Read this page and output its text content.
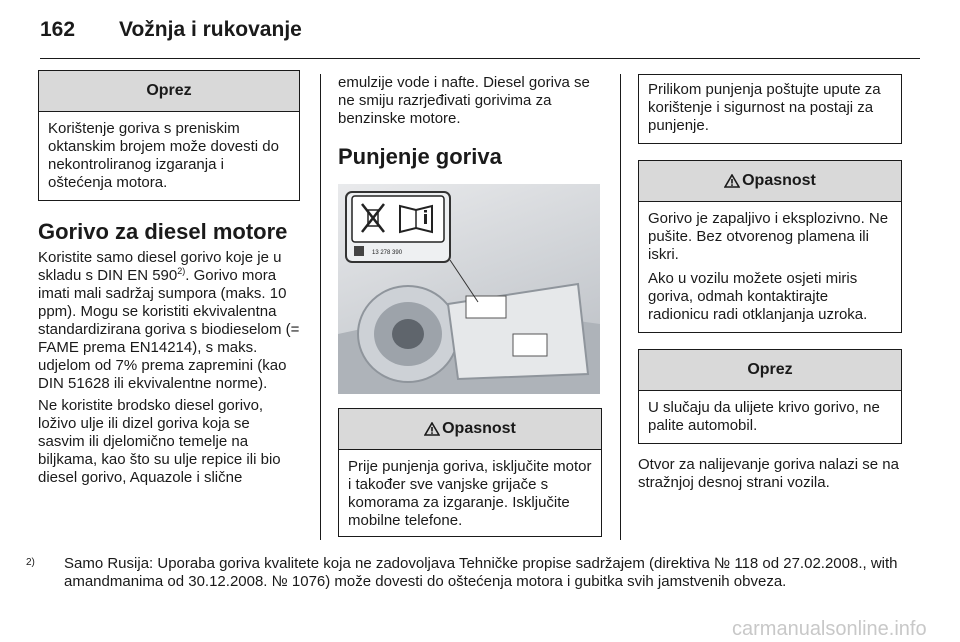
162 Vožnja i rukovanje
Oprez

Korištenje goriva s preniskim oktanskim brojem može dovesti do nekontroliranog izgaranja i oštećenja motora.

Gorivo za diesel motore

Koristite samo diesel gorivo koje je u skladu s DIN EN 590$^{2)}$. Gorivo mora imati mali sadržaj sumpora (maks. 10 ppm). Mogu se koristiti ekvivalentna standardizirana goriva s biodieselom (= FAME prema EN14214), s maks. udjelom od 7% prema zapremini (kao DIN 51628 ili ekvivalentne norme).

Ne koristite brodsko diesel gorivo, loživo ulje ili dizel goriva koja se sasvim ili djelomično temelje na biljkama, kao što su ulje repice ili bio diesel gorivo, Aquazole i slične

emulzije vode i nafte. Diesel goriva se ne smiju razrjeđivati gorivima za benzinske motore.

Punjenje goriva
13 278 390
Opasnost

Prije punjenja goriva, isključite motor i također sve vanjske grijače s komorama za izgaranje. Isključite mobilne telefone.

Prilikom punjenja poštujte upute za korištenje i sigurnost na postaji za punjenje.

Opasnost

Gorivo je zapaljivo i eksplozivno. Ne pušite. Bez otvorenog plamena ili iskri.

Ako u vozilu možete osjeti miris goriva, odmah kontaktirajte radionicu radi otklanjanja uzroka.

Oprez

U slučaju da ulijete krivo gorivo, ne palite automobil.

Otvor za nalijevanje goriva nalazi se na stražnjoj desnoj strani vozila.

2) Samo Rusija: Uporaba goriva kvalitete koja ne zadovoljava Tehničke propise sadržajem (direktiva № 118 od 27.02.2008., with amandmanima od 30.12.2008. № 1076) može dovesti do oštećenja motora i gubitka svih jamstvenih obveza.
carmanualsonline.info
